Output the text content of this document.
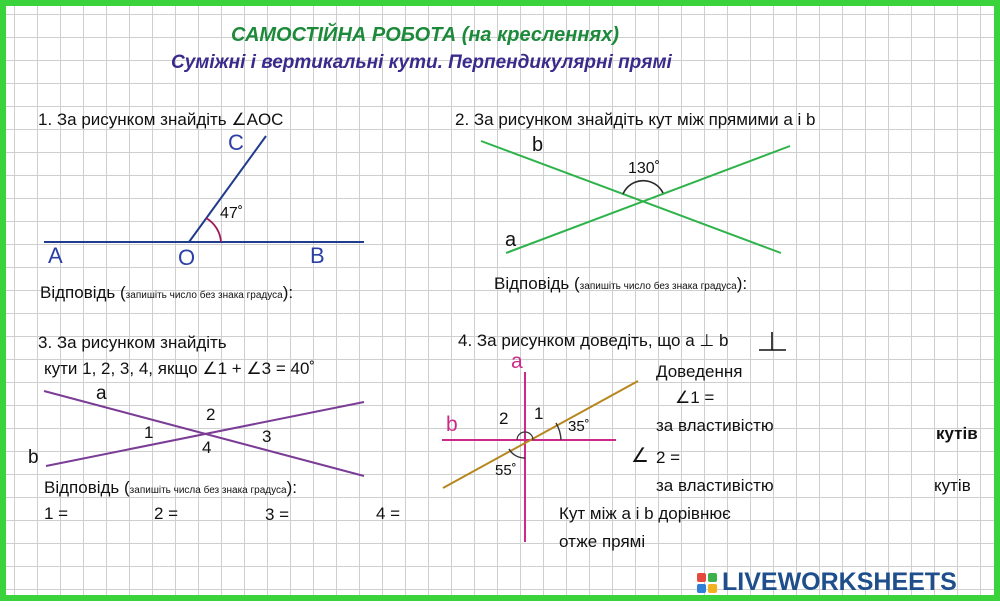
САМОСТІЙНА РОБОТА (на кресленнях)
Суміжні і вертикальні кути. Перпендикулярні прямі
1. За рисунком знайдіть ∠AOC
C
A	O	B
47˚
Відповідь (запишіть число без знака градуса):
2. За рисунком знайдіть кут між прямими a і b
b
a
130˚
Відповідь (запишіть число без знака градуса):
3. За рисунком знайдіть
кути 1, 2, 3, 4, якщо ∠1 + ∠3 = 40˚
a
b
1
2
3
4
Відповідь (запишіть числа без знака градуса):
1 =	2 =	3 =	4 =
4. За рисунком доведіть, що a ⊥ b
a
b	1
2	35˚
55˚
Доведення
∠1 =
за властивістю	кутів
∠ 2 =
за властивістю	кутів
Кут між a і b дорівнює
отже прямі
LIVEWORKSHEETS
